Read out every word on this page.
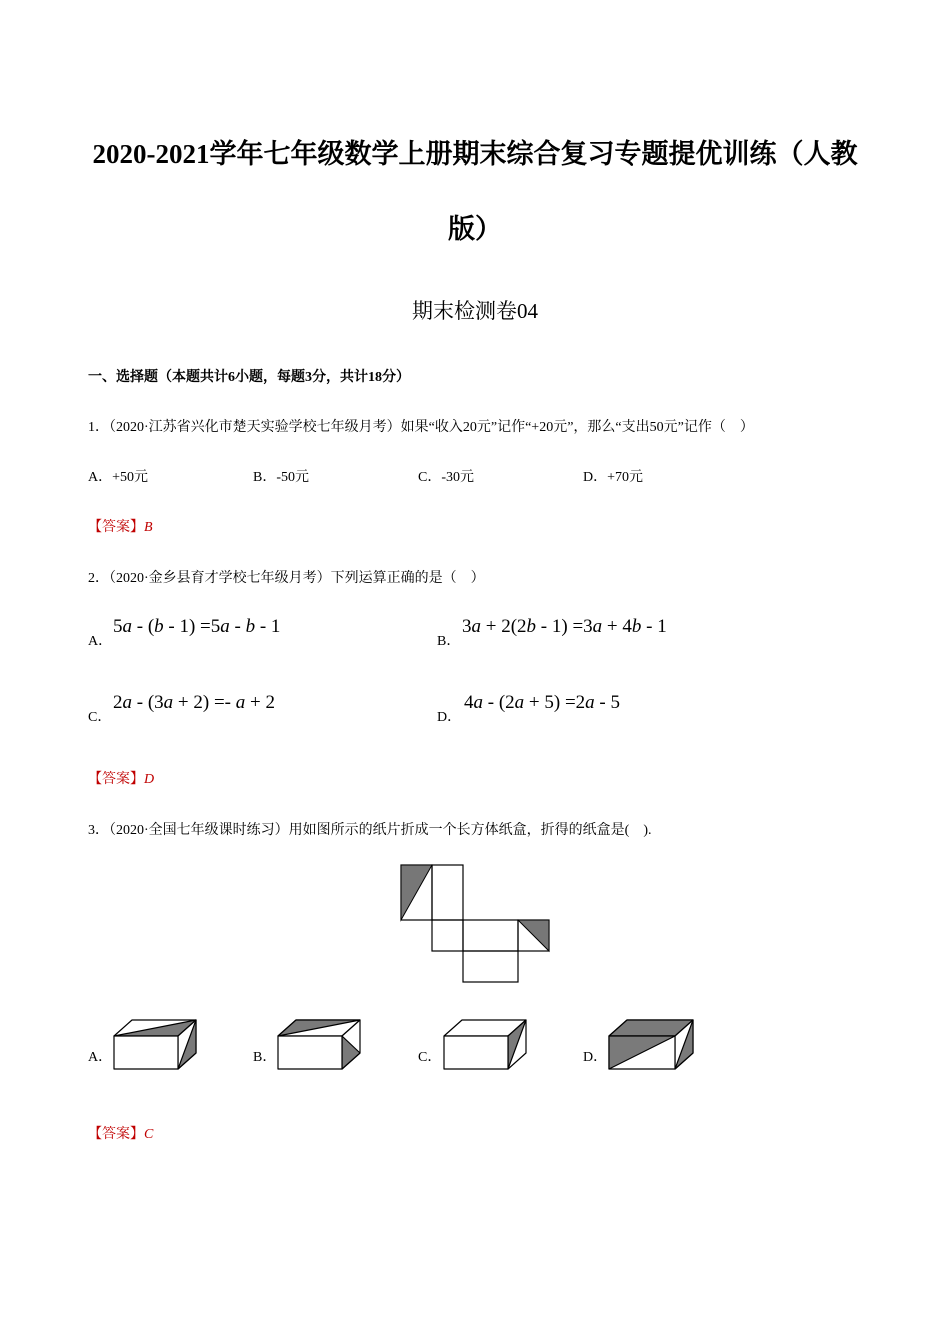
2020-2021学年七年级数学上册期末综合复习专题提优训练（人教
版）
期末检测卷04
一、选择题（本题共计6小题，每题3分，共计18分）
1．（2020·江苏省兴化市楚天实验学校七年级月考）如果“收入20元”记作“+20元”，那么“支出50元”记作（　）
A．+50元	B．-50元	C．-30元	D．+70元
【答案】B
2．（2020·金乡县育才学校七年级月考）下列运算正确的是（　）
A．
5a - (b - 1) =5a - b - 1
B．
3a + 2(2b - 1) =3a + 4b - 1
C．
2a - (3a + 2) =- a + 2
D．
4a - (2a + 5) =2a - 5
【答案】D
3．（2020·全国七年级课时练习）用如图所示的纸片折成一个长方体纸盒，折得的纸盒是(　).
A．	B．	C．	D．
【答案】C
